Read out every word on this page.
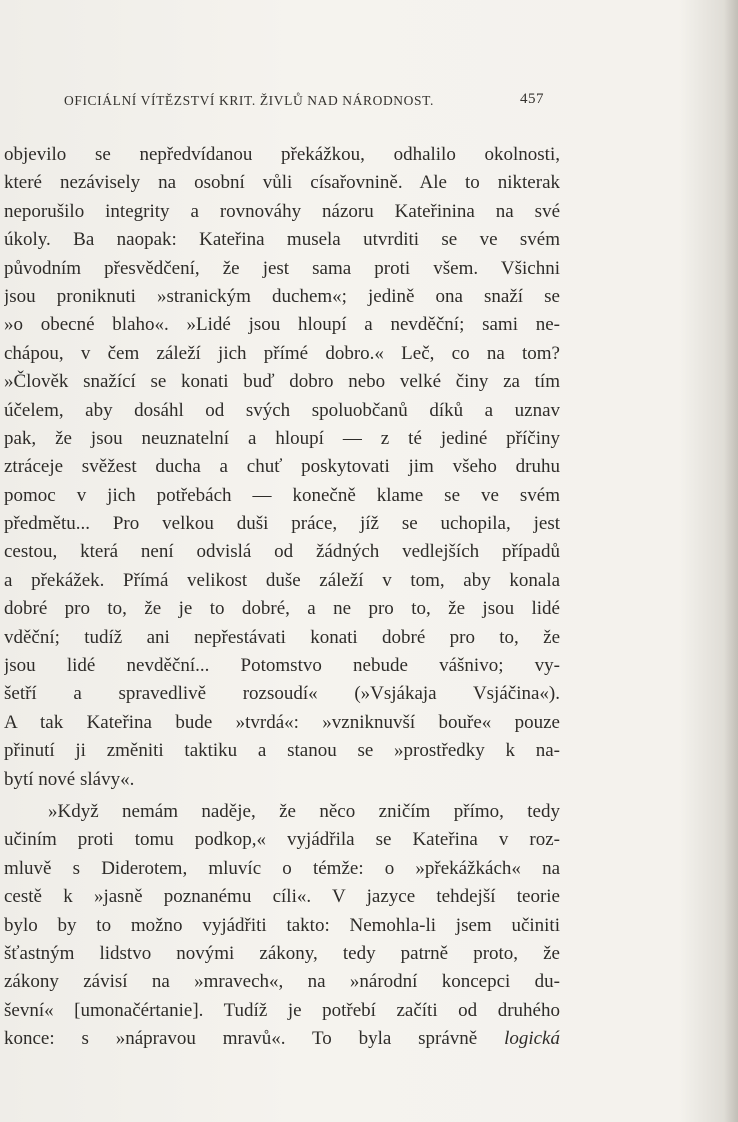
OFICIÁLNÍ VÍTĚZSTVÍ KRIT. ŽIVLŮ NAD NÁRODNOST.	457
objevilo se nepředvídanou překážkou, odhalilo okolnosti,
které nezávisely na osobní vůli císařovnině. Ale to nikterak
neporušilo integrity a rovnováhy názoru Kateřinina na své
úkoly. Ba naopak: Kateřina musela utvrditi se ve svém
původním přesvědčení, že jest sama proti všem. Všichni
jsou proniknuti »stranickým duchem«; jedině ona snaží se
»o obecné blaho«. »Lidé jsou hloupí a nevděční; sami ne-
chápou, v čem záleží jich přímé dobro.« Leč, co na tom?
»Člověk snažící se konati buď dobro nebo velké činy za tím
účelem, aby dosáhl od svých spoluobčanů díků a uznav
pak, že jsou neuznatelní a hloupí — z té jediné příčiny
ztráceje svěžest ducha a chuť poskytovati jim všeho druhu
pomoc v jich potřebách — konečně klame se ve svém
předmětu... Pro velkou duši práce, jíž se uchopila, jest
cestou, která není odvislá od žádných vedlejších případů
a překážek. Přímá velikost duše záleží v tom, aby konala
dobré pro to, že je to dobré, a ne pro to, že jsou lidé
vděční; tudíž ani nepřestávati konati dobré pro to, že
jsou lidé nevděční... Potomstvo nebude vášnivo; vy-
šetří a spravedlivě rozsoudí« (»Vsjákaja Vsjáčina«).
A tak Kateřina bude »tvrdá«: »vzniknuvší bouře« pouze
přinutí ji změniti taktiku a stanou se »prostředky k na-
bytí nové slávy«.
»Když nemám naděje, že něco zničím přímo, tedy
učiním proti tomu podkop,« vyjádřila se Kateřina v roz-
mluvě s Diderotem, mluvíc o témže: o »překážkách« na
cestě k »jasně poznanému cíli«. V jazyce tehdejší teorie
bylo by to možno vyjádřiti takto: Nemohla-li jsem učiniti
šťastným lidstvo novými zákony, tedy patrně proto, že
zákony závisí na »mravech«, na »národní koncepci du-
ševní« [umonačértanie]. Tudíž je potřebí začíti od druhého
konce: s »nápravou mravů«. To byla správně logická
